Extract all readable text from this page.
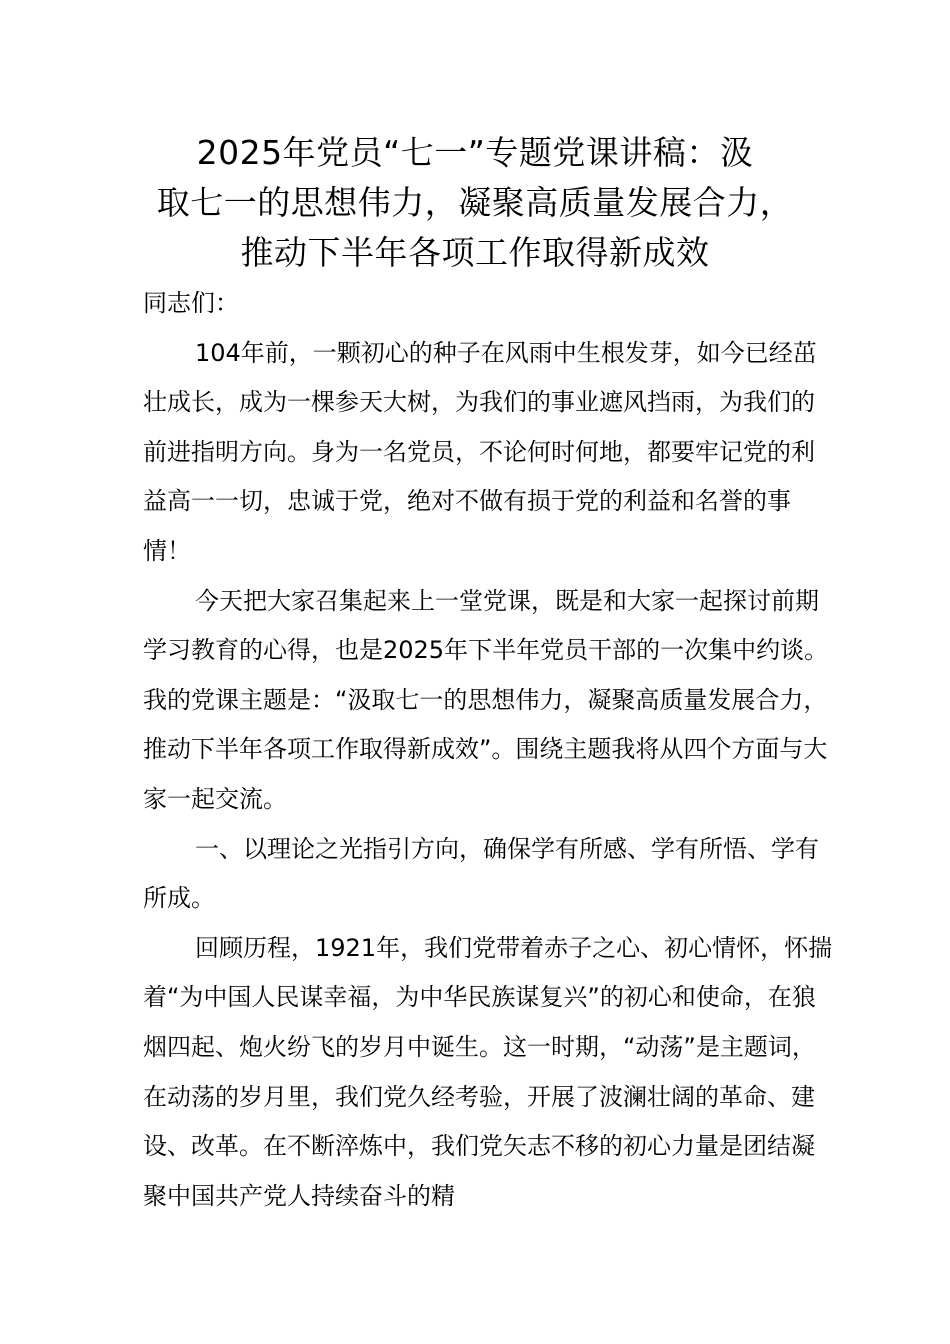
2025年党员“七一”专题党课讲稿：汲
取七一的思想伟力，凝聚高质量发展合力，
推动下半年各项工作取得新成效

同志们：

104年前，一颗初心的种子在风雨中生根发芽，如今已经茁壮成长，成为一棵参天大树，为我们的事业遮风挡雨，为我们的前进指明方向。身为一名党员，不论何时何地，都要牢记党的利益高一一切，忠诚于党，绝对不做有损于党的利益和名誉的事情！

今天把大家召集起来上一堂党课，既是和大家一起探讨前期学习教育的心得，也是2025年下半年党员干部的一次集中约谈。我的党课主题是：“汲取七一的思想伟力，凝聚高质量发展合力，推动下半年各项工作取得新成效”。围绕主题我将从四个方面与大家一起交流。

一、以理论之光指引方向，确保学有所感、学有所悟、学有所成。

回顾历程，1921年，我们党带着赤子之心、初心情怀，怀揣着“为中国人民谋幸福，为中华民族谋复兴”的初心和使命，在狼烟四起、炮火纷飞的岁月中诞生。这一时期，“动荡”是主题词，在动荡的岁月里，我们党久经考验，开展了波澜壮阔的革命、建设、改革。在不断淬炼中，我们党矢志不移的初心力量是团结凝聚中国共产党人持续奋斗的精
